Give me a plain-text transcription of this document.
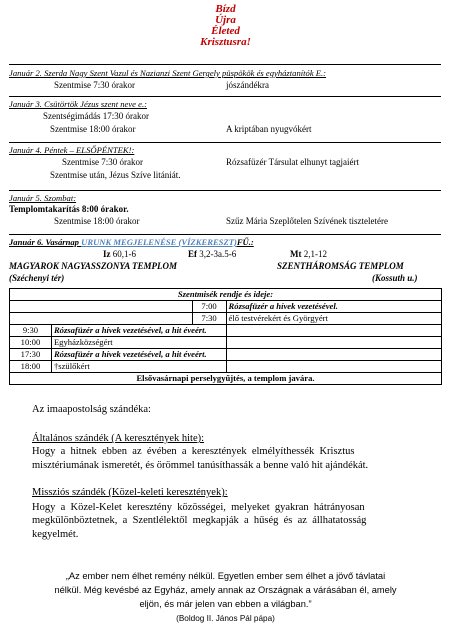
Bízd
Újra
Életed
Krisztusra!
Január 2. Szerda Nagy Szent Vazul és Nazianzi Szent Gergely püspökök és egyháztanítók E.:
Szentmise 7:30 órakor	jószándékra
Január 3. Csütörtök Jézus szent neve e.:
Szentségimádás 17:30 órakor
Szentmise 18:00 órakor	A kriptában nyugvókért
Január 4. Péntek – ELSŐPÉNTEK!:
Szentmise 7:30 órakor	Rózsafüzér Társulat elhunyt tagjaiért
Szentmise után, Jézus Szíve litániát.
Január 5. Szombat:
Templomtakarítás 8:00 órakor.
Szentmise 18:00 órakor	Szűz Mária Szeplőtelen Szívének tiszteletére
Január 6. Vasárnap URUNK MEGJELENÉSE (VÍZKERESZT)FŰ.:
Iz 60,1-6	Ef 3,2-3a.5-6	Mt 2,1-12
MAGYAROK NAGYASSZONYA TEMPLOM	SZENTHÁROMSÁG TEMPLOM
(Széchenyi tér)	(Kossuth u.)
Szentmisék rendje és ideje:			
		7:00	Rózsafüzér a hívek vezetésével.
		7:30	élő testvérekért és Györgyért
9:30	Rózsafüzér a hívek vezetésével, a hit éveért.		
10:00	Egyházközségért		
17:30	Rózsafüzér a hívek vezetésével, a hit éveért.		
18:00	†szülőkért		
Elsővasárnapi perselygyűjtés, a templom javára.			
Az imaapostolság szándéka:
Általános szándék (A keresztények hite):
Hogy  a  hitnek  ebben  az  évében  a  keresztények  elmélyíthessék  Krisztus
misztériumának ismeretét, és örömmel tanúsíthassák a benne való hit ajándékát.
Missziós szándék (Közel-keleti keresztények):
Hogy  a  Közel-Kelet  keresztény  közösségei,  melyeket  gyakran  hátrányosan
megkülönböztetnek,  a  Szentlélektől  megkapják  a  hűség  és  az  állhatatosság
kegyelmét.
„Az ember nem élhet remény nélkül. Egyetlen ember sem élhet a jövő távlatai
nélkül. Még kevésbé az Egyház, amely annak az Országnak a várásában él, amely
eljön, és már jelen van ebben a világban.”
(Boldog II. János Pál pápa)
